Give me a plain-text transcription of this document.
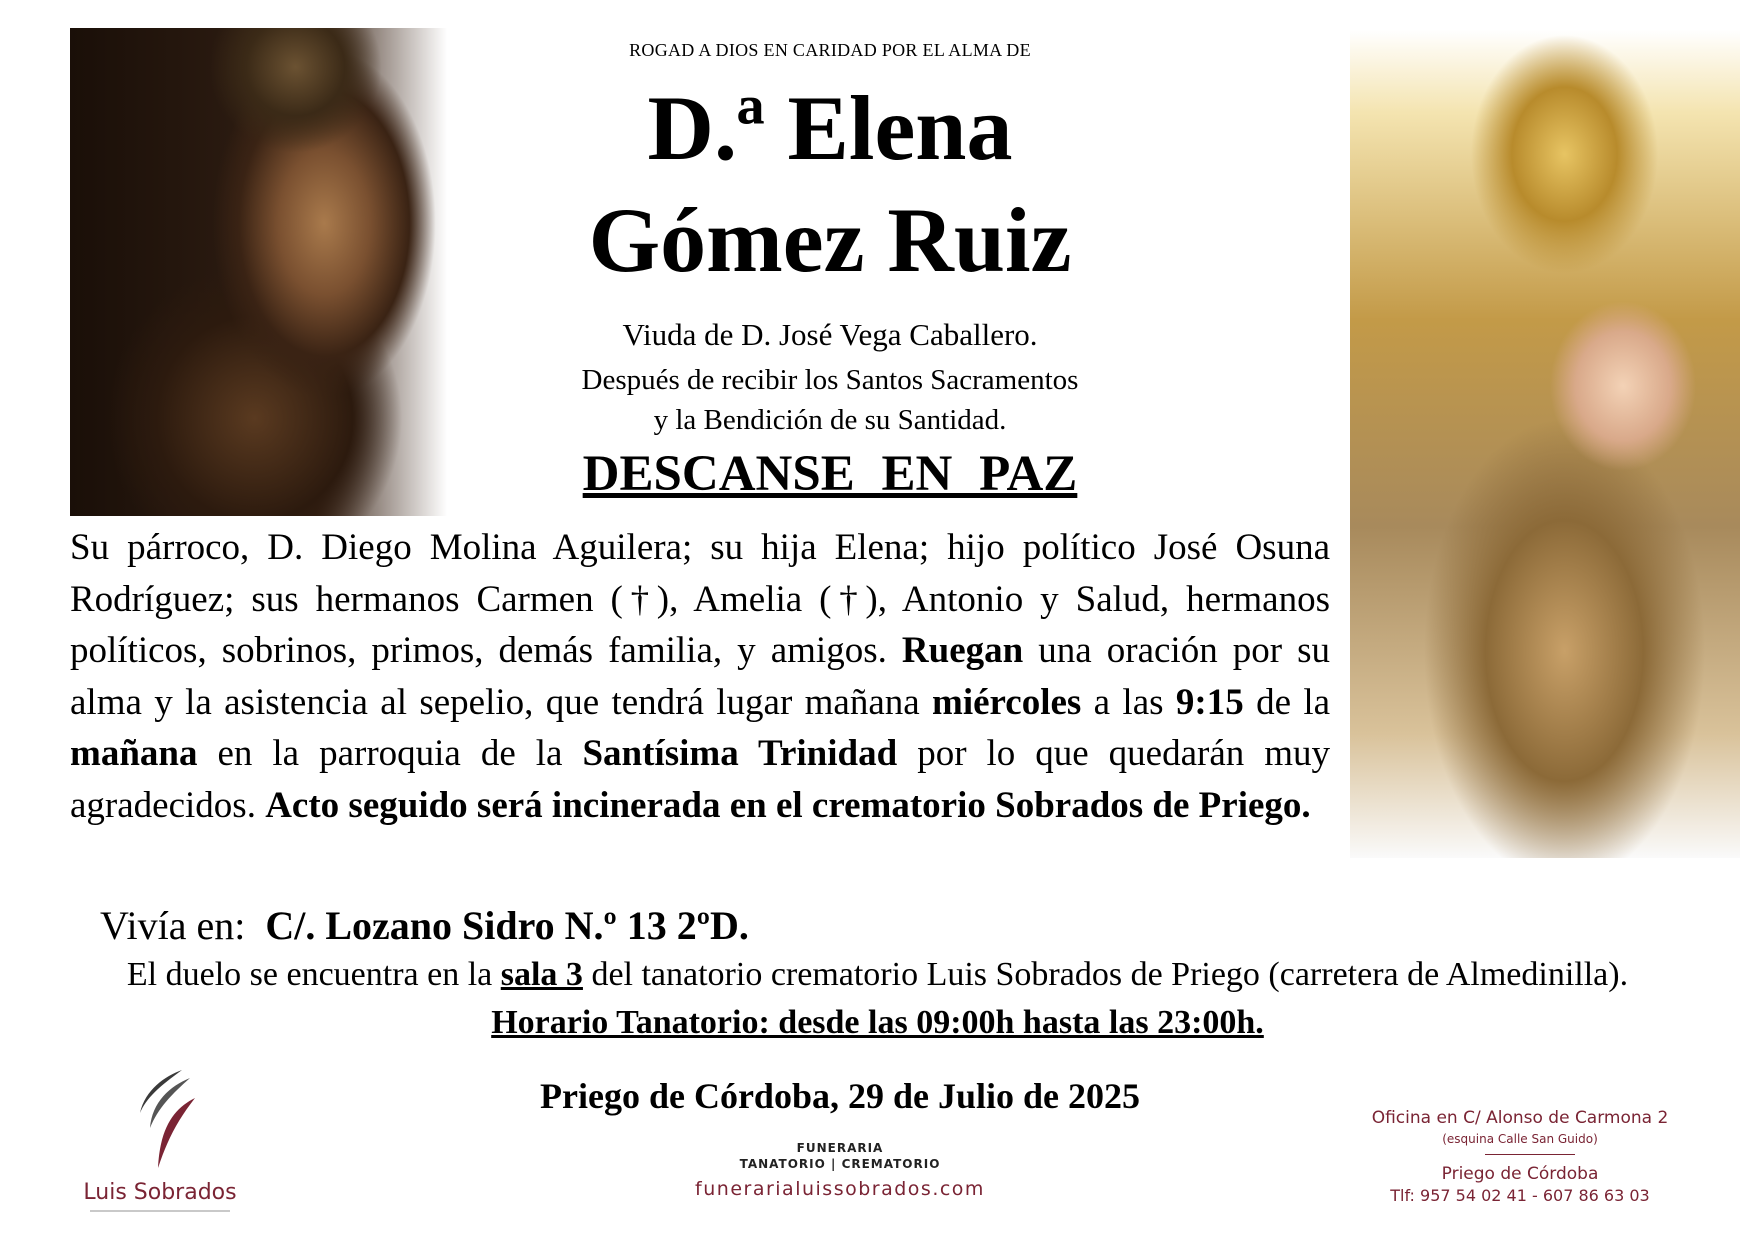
ROGAD A DIOS EN CARIDAD POR EL ALMA DE
D.ª Elena
Gómez Ruiz
Viuda de D. José Vega Caballero.
Después de recibir los Santos Sacramentos
y la Bendición de su Santidad.
DESCANSE EN PAZ
Su párroco, D. Diego Molina Aguilera; su hija Elena; hijo político José Osuna Rodríguez; sus hermanos Carmen (†), Amelia (†), Antonio y Salud, hermanos políticos, sobrinos, primos, demás familia, y amigos. Ruegan una oración por su alma y la asistencia al sepelio, que tendrá lugar mañana miércoles a las 9:15 de la mañana en la parroquia de la Santísima Trinidad por lo que quedarán muy agradecidos. Acto seguido será incinerada en el crematorio Sobrados de Priego.
Vivía en: C/. Lozano Sidro N.º 13 2ºD.
El duelo se encuentra en la sala 3 del tanatorio crematorio Luis Sobrados de Priego (carretera de Almedinilla).
Horario Tanatorio: desde las 09:00h hasta las 23:00h.
Priego de Córdoba, 29 de Julio de 2025
Luis Sobrados
FUNERARIA
TANATORIO | CREMATORIO
funerarialuissobrados.com
Oficina en C/ Alonso de Carmona 2
(esquina Calle San Guido)
Priego de Córdoba
Tlf: 957 54 02 41 - 607 86 63 03
